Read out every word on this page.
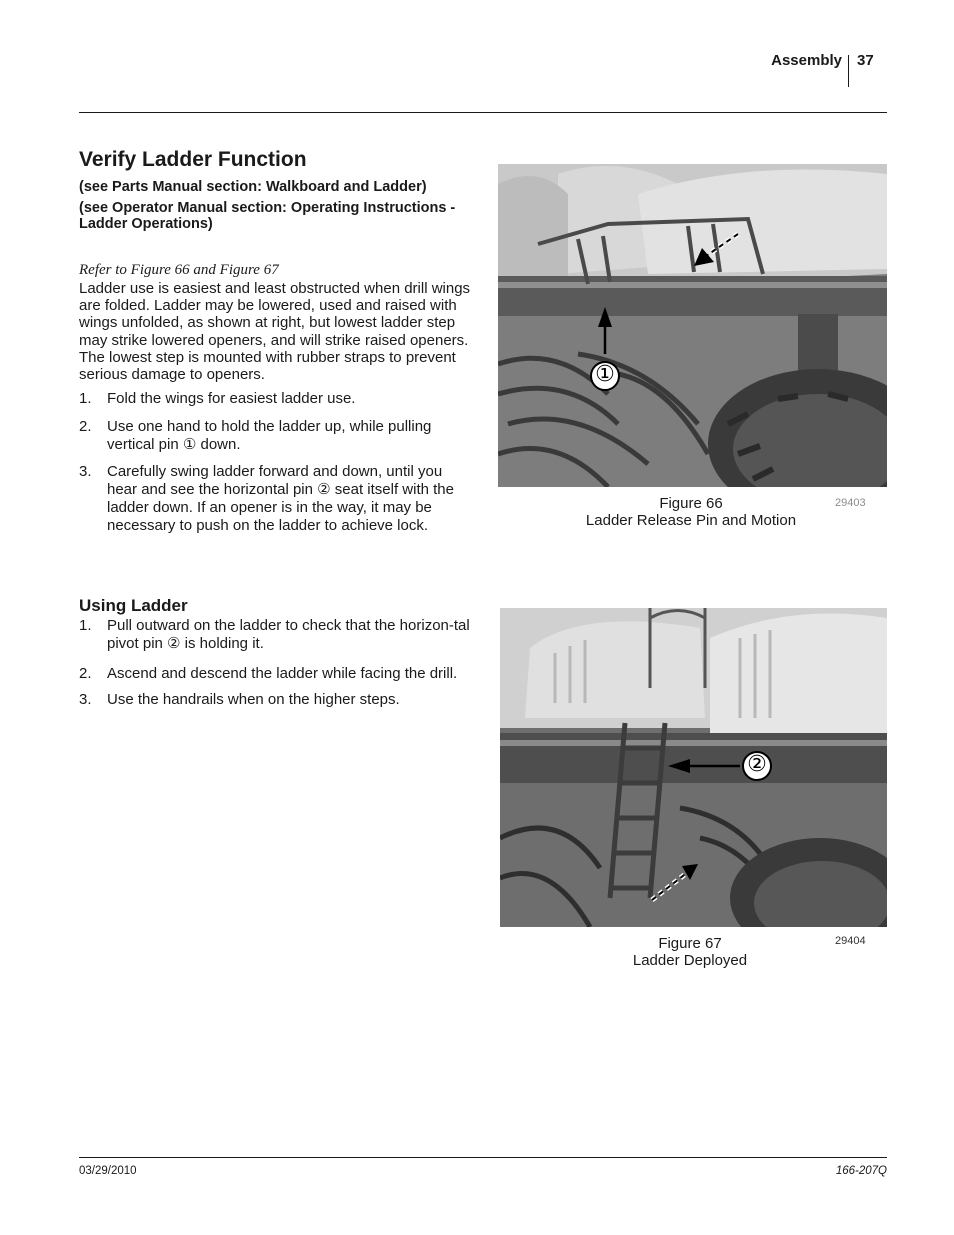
Assembly 37
Verify Ladder Function
(see Parts Manual section: Walkboard and Ladder)
(see Operator Manual section: Operating Instructions - Ladder Operations)
Refer to Figure 66 and Figure 67
Ladder use is easiest and least obstructed when drill wings are folded. Ladder may be lowered, used and raised with wings unfolded, as shown at right, but lowest ladder step may strike lowered openers, and will strike raised openers. The lowest step is mounted with rubber straps to prevent serious damage to openers.
1. Fold the wings for easiest ladder use.
2. Use one hand to hold the ladder up, while pulling vertical pin ① down.
3. Carefully swing ladder forward and down, until you hear and see the horizontal pin ② seat itself with the ladder down. If an opener is in the way, it may be necessary to push on the ladder to achieve lock.
Using Ladder
1. Pull outward on the ladder to check that the horizon-tal pivot pin ② is holding it.
2. Ascend and descend the ladder while facing the drill.
3. Use the handrails when on the higher steps.
①
Figure 66
Ladder Release Pin and Motion
29403
②
Figure 67
Ladder Deployed
29404
03/29/2010	166-207Q
